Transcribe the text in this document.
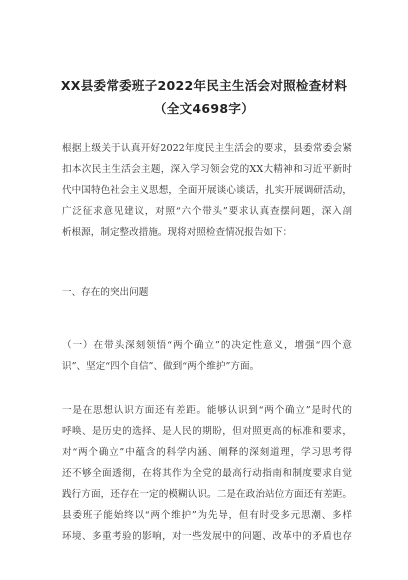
XX县委常委班子2022年民主生活会对照检查材料
（全文4698字）
根据上级关于认真开好2022年度民主生活会的要求，县委常委会紧
扣本次民主生活会主题，深入学习领会党的XX大精神和习近平新时
代中国特色社会主义思想，全面开展谈心谈话，扎实开展调研活动，
广泛征求意见建议，对照“六个带头”要求认真查摆问题，深入剖
析根源，制定整改措施。现将对照检查情况报告如下：
一、存在的突出问题
（一）在带头深刻领悟“两个确立”的决定性意义，增强“四个意
识”、坚定“四个自信”、做到“两个维护”方面。
一是在思想认识方面还有差距。能够认识到“两个确立”是时代的
呼唤、是历史的选择、是人民的期盼，但对照更高的标准和要求，
对“两个确立”中蕴含的科学内涵、阐释的深刻道理，学习思考得
还不够全面透彻，在将其作为全党的最高行动指南和制度要求自觉
践行方面，还存在一定的模糊认识。二是在政治站位方面还有差距。
县委班子能始终以“两个维护”为先导，但有时受多元思潮、多样
环境、多重考验的影响，对一些发展中的问题、改革中的矛盾也存
